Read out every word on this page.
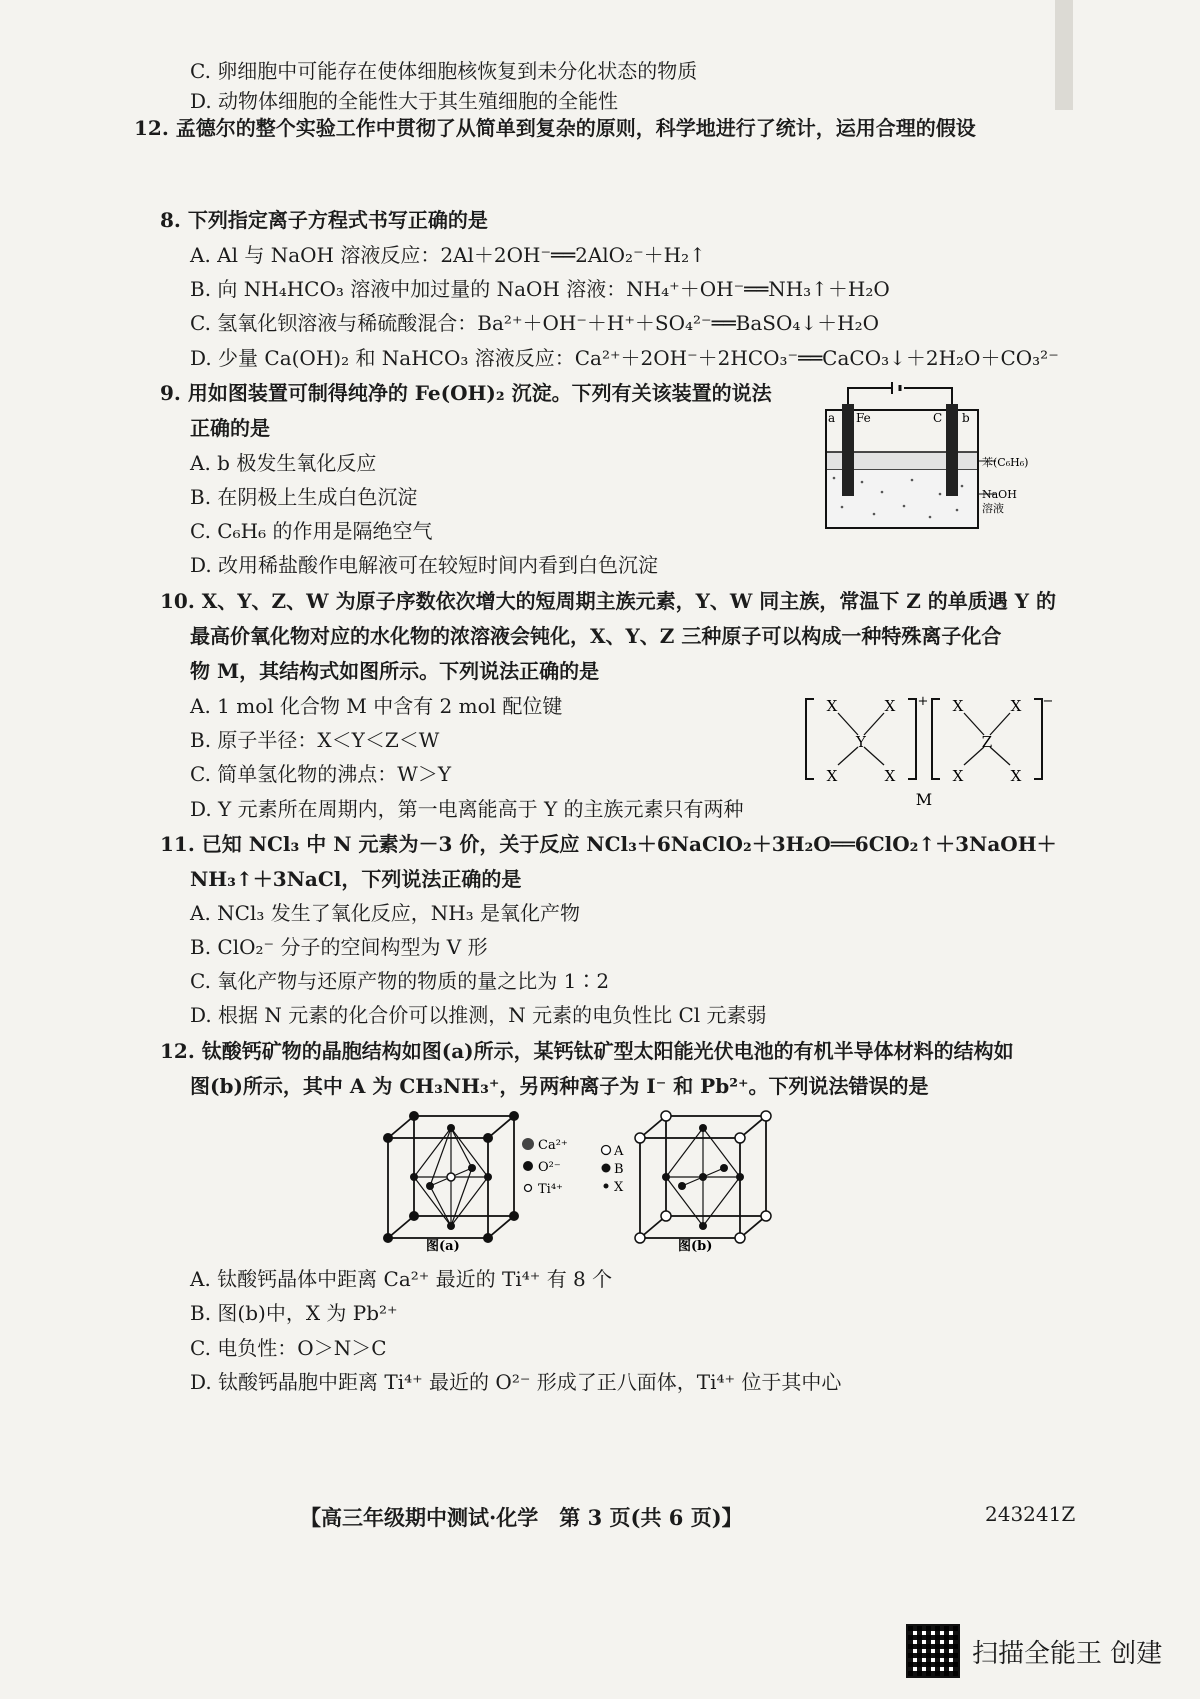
C. 卵细胞中可能存在使体细胞核恢复到未分化状态的物质
D. 动物体细胞的全能性大于其生殖细胞的全能性
12. 孟德尔的整个实验工作中贯彻了从简单到复杂的原则，科学地进行了统计，运用合理的假设
8. 下列指定离子方程式书写正确的是
A. Al 与 NaOH 溶液反应：2Al＋2OH⁻══2AlO₂⁻＋H₂↑
B. 向 NH₄HCO₃ 溶液中加过量的 NaOH 溶液：NH₄⁺＋OH⁻══NH₃↑＋H₂O
C. 氢氧化钡溶液与稀硫酸混合：Ba²⁺＋OH⁻＋H⁺＋SO₄²⁻══BaSO₄↓＋H₂O
D. 少量 Ca(OH)₂ 和 NaHCO₃ 溶液反应：Ca²⁺＋2OH⁻＋2HCO₃⁻══CaCO₃↓＋2H₂O＋CO₃²⁻
9. 用如图装置可制得纯净的 Fe(OH)₂ 沉淀。下列有关该装置的说法
正确的是
A. b 极发生氧化反应
B. 在阴极上生成白色沉淀
C. C₆H₆ 的作用是隔绝空气
D. 改用稀盐酸作电解液可在较短时间内看到白色沉淀
a Fe	C b
苯(C₆H₆)
NaOH
溶液
10. X、Y、Z、W 为原子序数依次增大的短周期主族元素，Y、W 同主族，常温下 Z 的单质遇 Y 的
最高价氧化物对应的水化物的浓溶液会钝化，X、Y、Z 三种原子可以构成一种特殊离子化合
物 M，其结构式如图所示。下列说法正确的是
A. 1 mol 化合物 M 中含有 2 mol 配位键
B. 原子半径：X＜Y＜Z＜W
C. 简单氢化物的沸点：W＞Y
D. Y 元素所在周期内，第一电离能高于 Y 的主族元素只有两种
X	X
Y
X	X
X	X
Z
X	X
+	−
M
11. 已知 NCl₃ 中 N 元素为－3 价，关于反应 NCl₃＋6NaClO₂＋3H₂O══6ClO₂↑＋3NaOH＋
NH₃↑＋3NaCl，下列说法正确的是
A. NCl₃ 发生了氧化反应，NH₃ 是氧化产物
B. ClO₂⁻ 分子的空间构型为 V 形
C. 氧化产物与还原产物的物质的量之比为 1∶2
D. 根据 N 元素的化合价可以推测，N 元素的电负性比 Cl 元素弱
12. 钛酸钙矿物的晶胞结构如图(a)所示，某钙钛矿型太阳能光伏电池的有机半导体材料的结构如
图(b)所示，其中 A 为 CH₃NH₃⁺，另两种离子为 I⁻ 和 Pb²⁺。下列说法错误的是
Ca²⁺
O²⁻
Ti⁴⁺
图(a)
A
B
X
图(b)
A. 钛酸钙晶体中距离 Ca²⁺ 最近的 Ti⁴⁺ 有 8 个
B. 图(b)中，X 为 Pb²⁺
C. 电负性：O＞N＞C
D. 钛酸钙晶胞中距离 Ti⁴⁺ 最近的 O²⁻ 形成了正八面体，Ti⁴⁺ 位于其中心
【高三年级期中测试·化学　第 3 页(共 6 页)】	243241Z
扫描全能王 创建
